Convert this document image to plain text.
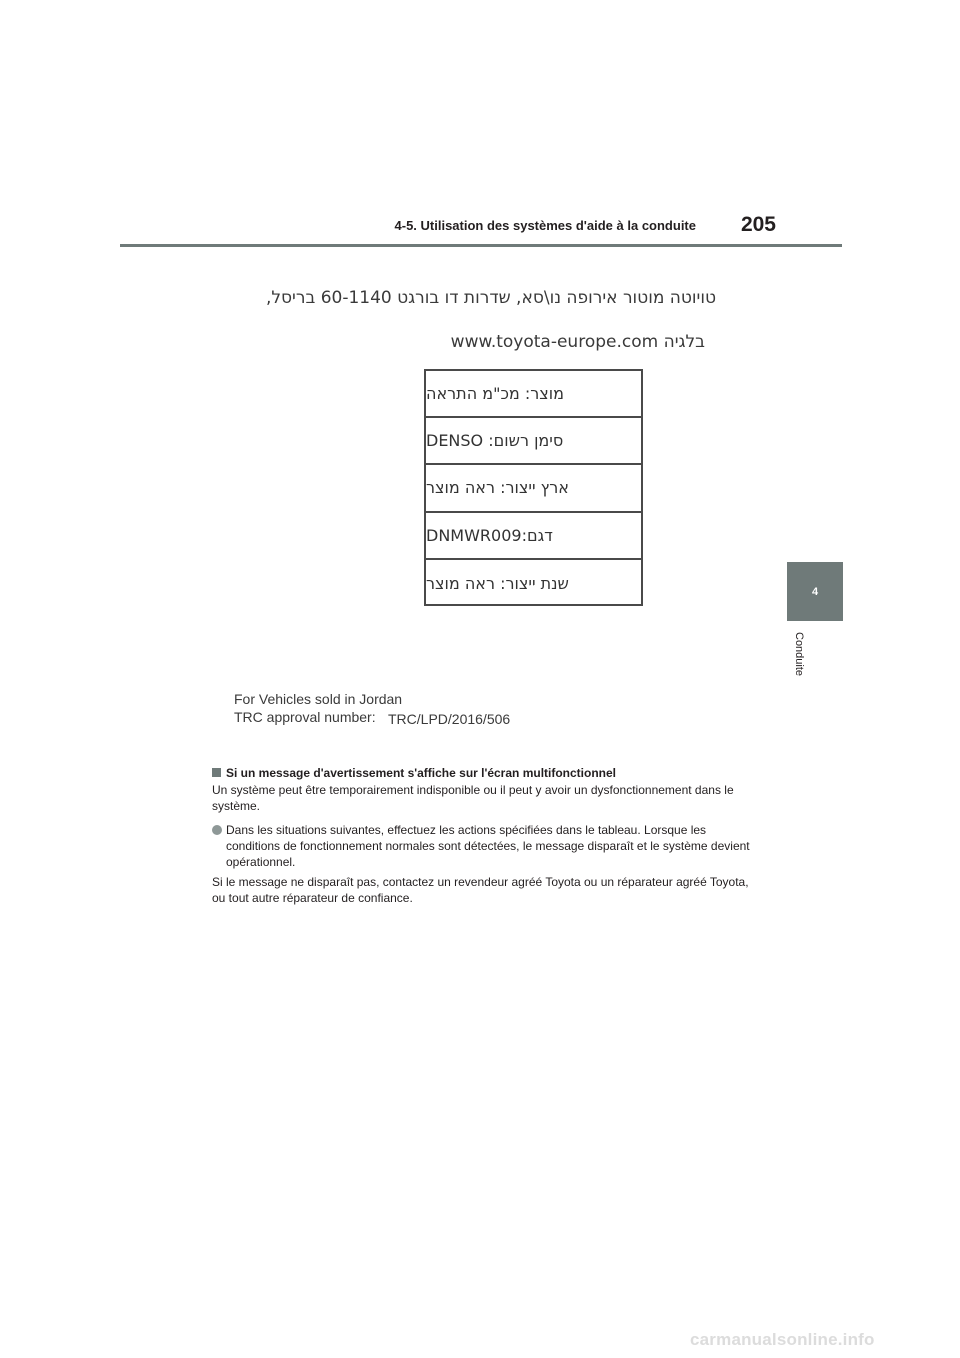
4-5. Utilisation des systèmes d'aide à la conduite	205
4
Conduite
טויוטה מוטור אירופה נו\סא, שדרות דו בורגט 60-1140 בריסל,
בלגיה www.toyota-europe.com
מוצר: מכ"מ התראה
סימן רשום: DENSO
ארץ ייצור: ראה מוצר
דגם:DNMWR009
שנת ייצור: ראה מוצר
For Vehicles sold in Jordan
TRC approval number: TRC/LPD/2016/506
Si un message d'avertissement s'affiche sur l'écran multifonctionnel
Un système peut être temporairement indisponible ou il peut y avoir un dysfonctionnement dans le système.
Dans les situations suivantes, effectuez les actions spécifiées dans le tableau. Lorsque les conditions de fonctionnement normales sont détectées, le message disparaît et le système devient opérationnel.
Si le message ne disparaît pas, contactez un revendeur agréé Toyota ou un réparateur agréé Toyota, ou tout autre réparateur de confiance.
carmanualsonline.info
